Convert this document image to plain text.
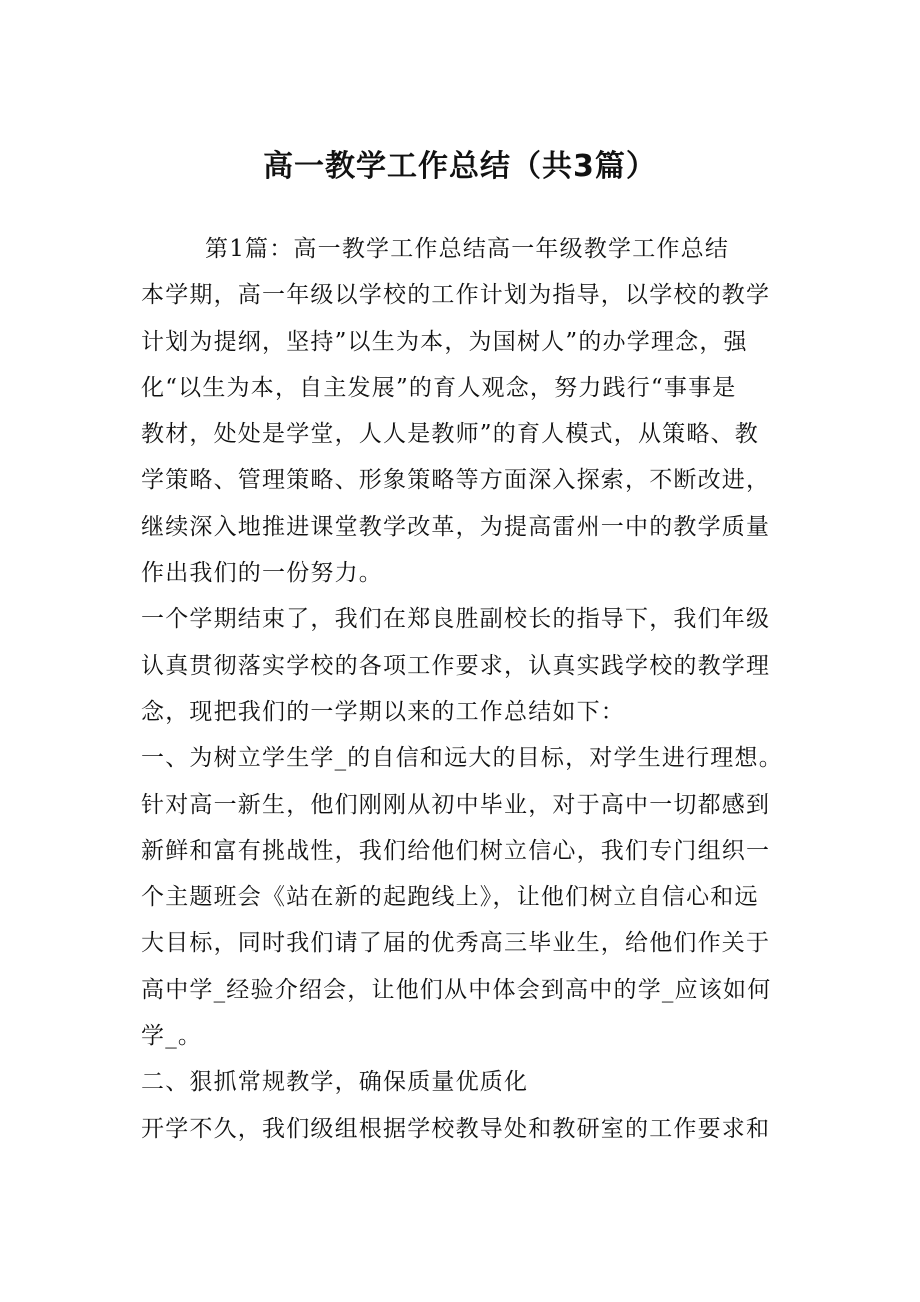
高一教学工作总结（共3篇）
第1篇：高一教学工作总结高一年级教学工作总结
本学期，高一年级以学校的工作计划为指导，以学校的教学
计划为提纲，坚持”以生为本，为国树人”的办学理念，强
化“以生为本，自主发展”的育人观念，努力践行“事事是
教材，处处是学堂，人人是教师”的育人模式，从策略、教
学策略、管理策略、形象策略等方面深入探索，不断改进，
继续深入地推进课堂教学改革，为提高雷州一中的教学质量
作出我们的一份努力。
一个学期结束了，我们在郑良胜副校长的指导下，我们年级
认真贯彻落实学校的各项工作要求，认真实践学校的教学理
念，现把我们的一学期以来的工作总结如下：
一、为树立学生学_的自信和远大的目标，对学生进行理想。
针对高一新生，他们刚刚从初中毕业，对于高中一切都感到
新鲜和富有挑战性，我们给他们树立信心，我们专门组织一
个主题班会《站在新的起跑线上》，让他们树立自信心和远
大目标，同时我们请了届的优秀高三毕业生，给他们作关于
高中学_经验介绍会，让他们从中体会到高中的学_应该如何
学_。
二、狠抓常规教学，确保质量优质化
开学不久，我们级组根据学校教导处和教研室的工作要求和
